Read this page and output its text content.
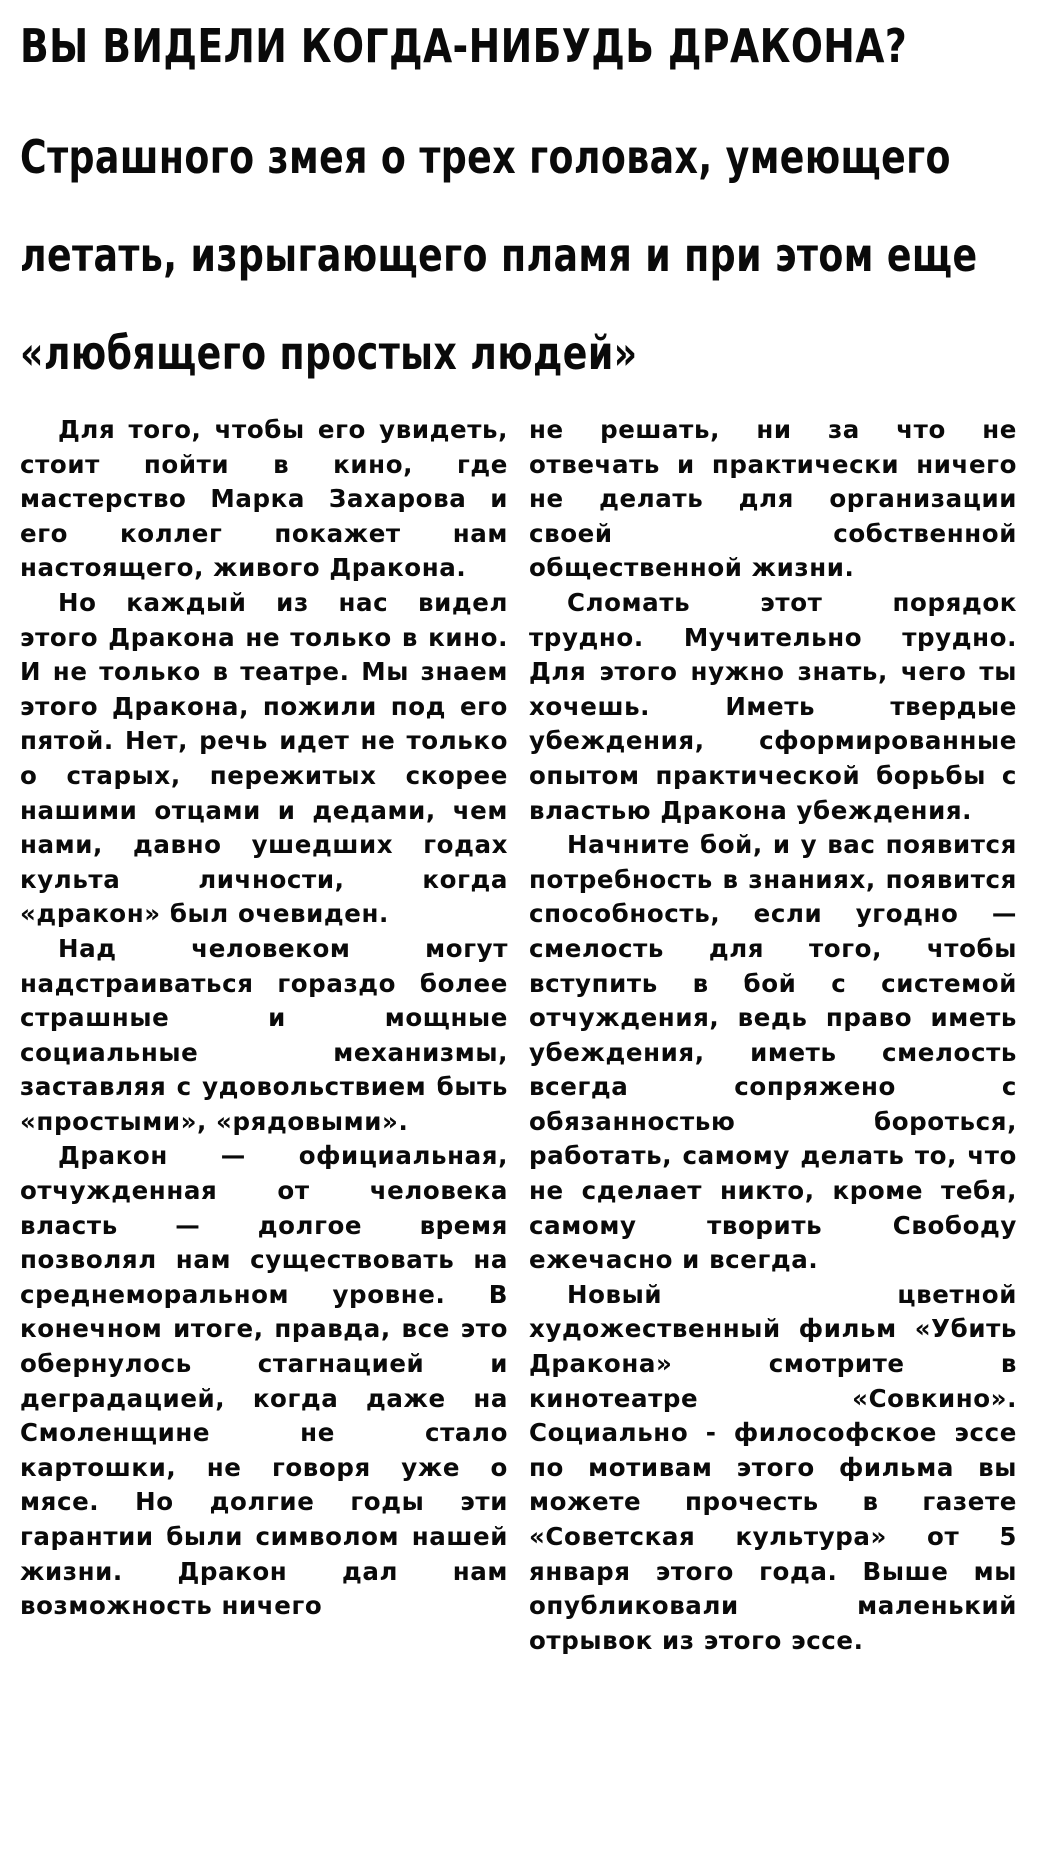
ВЫ ВИДЕЛИ КОГДА-НИБУДЬ ДРАКОНА?
Страшного змея о трех головах, умеющего
летать, изрыгающего пламя и при этом еще
«любящего простых людей»

Для того, чтобы его увидеть, стоит пойти в кино, где мастерство Марка Захарова и его коллег покажет нам настоящего, живого Дракона.

Но каждый из нас видел этого Дракона не только в кино. И не только в театре. Мы знаем этого Дракона, пожили под его пятой. Нет, речь идет не только о старых, пережитых скорее нашими отцами и дедами, чем нами, давно ушедших годах культа личности, когда «дракон» был очевиден.

Над человеком могут надстраиваться гораздо более страшные и мощные социальные механизмы, заставляя с удовольствием быть «простыми», «рядовыми».

Дракон — официальная, отчужденная от человека власть — долгое время позволял нам существовать на среднеморальном уровне. В конечном итоге, правда, все это обернулось стагнацией и деградацией, когда даже на Смоленщине не стало картошки, не говоря уже о мясе. Но долгие годы эти гарантии были символом нашей жизни. Дракон дал нам возможность ничего

не решать, ни за что не отвечать и практически ничего не делать для организации своей собственной общественной жизни.

Сломать этот порядок трудно. Мучительно трудно. Для этого нужно знать, чего ты хочешь. Иметь твердые убеждения, сформированные опытом практической борьбы с властью Дракона убеждения.

Начните бой, и у вас появится потребность в знаниях, появится способность, если угодно — смелость для того, чтобы вступить в бой с системой отчуждения, ведь право иметь убеждения, иметь смелость всегда сопряжено с обязанностью бороться, работать, самому делать то, что не сделает никто, кроме тебя, самому творить Свободу ежечасно и всегда.

Новый цветной художественный фильм «Убить Дракона» смотрите в кинотеатре «Совкино». Социально - философское эссе по мотивам этого фильма вы можете прочесть в газете «Советская культура» от 5 января этого года. Выше мы опубликовали маленький отрывок из этого эссе.
